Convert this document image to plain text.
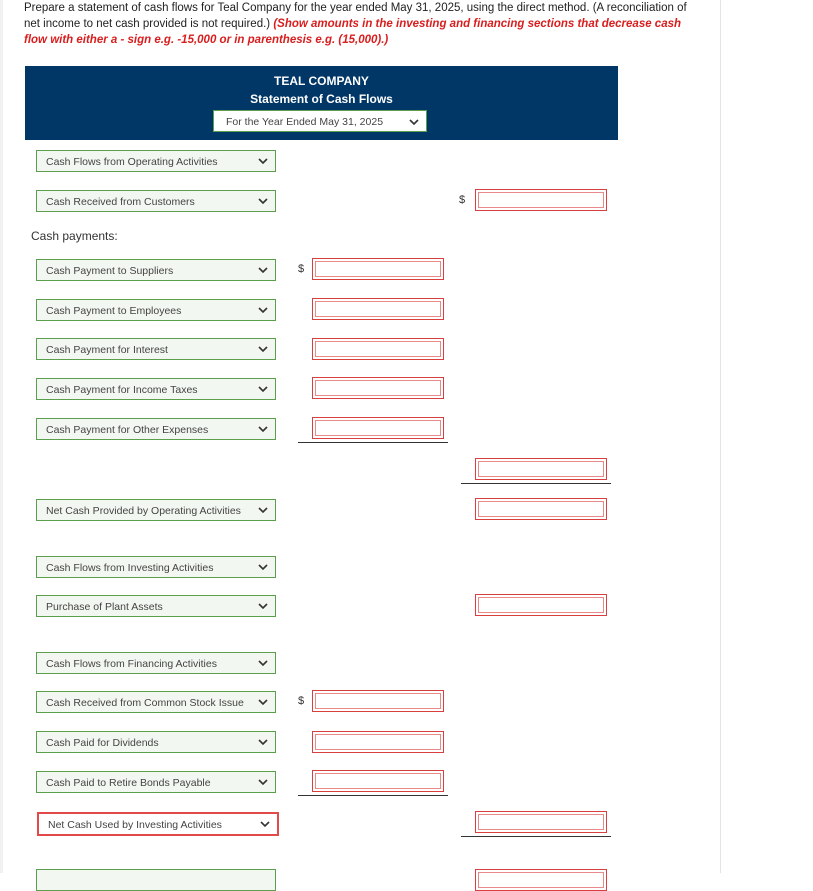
Prepare a statement of cash flows for Teal Company for the year ended May 31, 2025, using the direct method. (A reconciliation of net income to net cash provided is not required.) (Show amounts in the investing and financing sections that decrease cash flow with either a - sign e.g. -15,000 or in parenthesis e.g. (15,000).)
TEAL COMPANY
Statement of Cash Flows
For the Year Ended May 31, 2025
Cash Flows from Operating Activities
Cash Received from Customers	$
Cash payments:
Cash Payment to Suppliers	$
Cash Payment to Employees
Cash Payment for Interest
Cash Payment for Income Taxes
Cash Payment for Other Expenses
Net Cash Provided by Operating Activities
Cash Flows from Investing Activities
Purchase of Plant Assets
Cash Flows from Financing Activities
Cash Received from Common Stock Issue	$
Cash Paid for Dividends
Cash Paid to Retire Bonds Payable
Net Cash Used by Investing Activities
